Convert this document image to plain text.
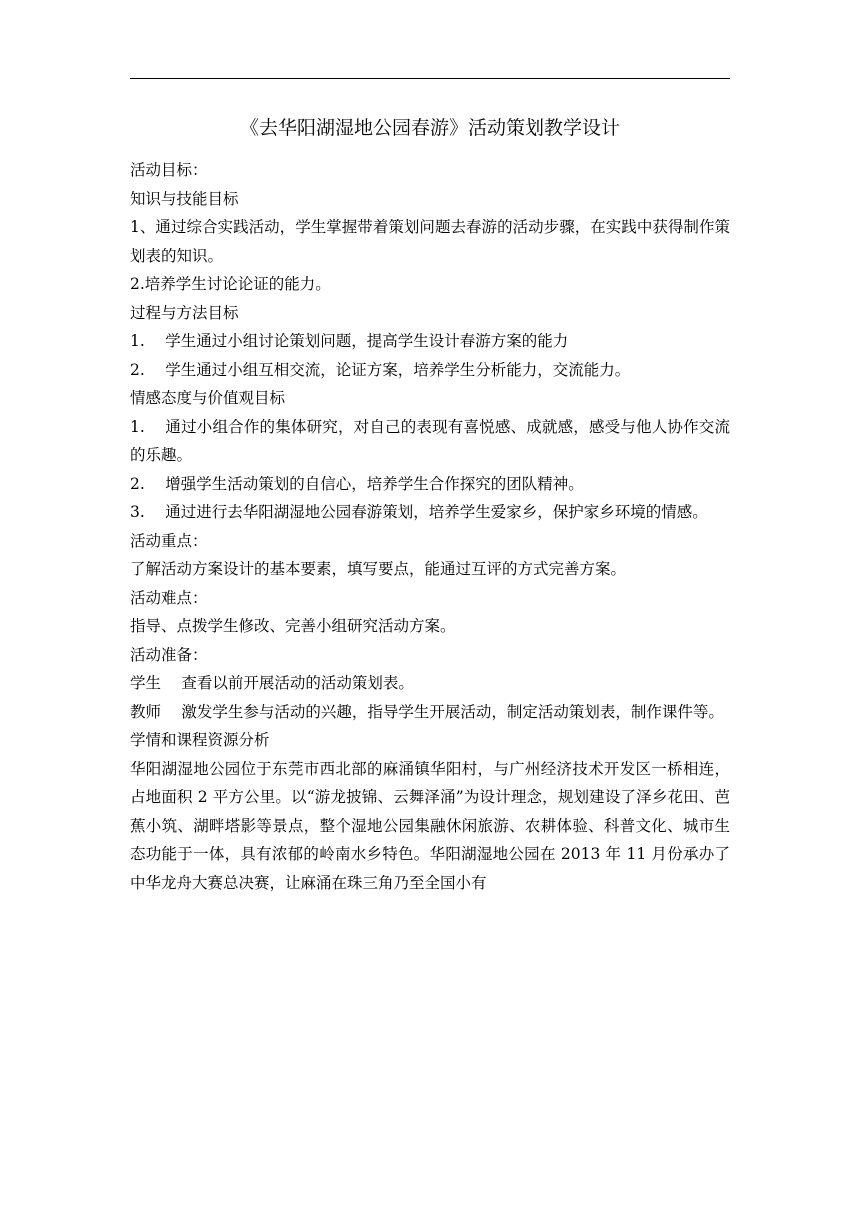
《去华阳湖湿地公园春游》活动策划教学设计

活动目标：

知识与技能目标

1、通过综合实践活动，学生掌握带着策划问题去春游的活动步骤，在实践中获得制作策划表的知识。

2.培养学生讨论论证的能力。

过程与方法目标

1.  学生通过小组讨论策划问题，提高学生设计春游方案的能力

2.  学生通过小组互相交流，论证方案，培养学生分析能力，交流能力。

情感态度与价值观目标

1.  通过小组合作的集体研究，对自己的表现有喜悦感、成就感，感受与他人协作交流的乐趣。

2.  增强学生活动策划的自信心，培养学生合作探究的团队精神。

3.  通过进行去华阳湖湿地公园春游策划，培养学生爱家乡，保护家乡环境的情感。

活动重点：

了解活动方案设计的基本要素，填写要点，能通过互评的方式完善方案。

活动难点：

指导、点拨学生修改、完善小组研究活动方案。

活动准备：

学生  查看以前开展活动的活动策划表。

教师  激发学生参与活动的兴趣，指导学生开展活动，制定活动策划表，制作课件等。

学情和课程资源分析

华阳湖湿地公园位于东莞市西北部的麻涌镇华阳村，与广州经济技术开发区一桥相连，占地面积 2 平方公里。以“游龙披锦、云舞泽涌”为设计理念，规划建设了泽乡花田、芭蕉小筑、湖畔塔影等景点，整个湿地公园集融休闲旅游、农耕体验、科普文化、城市生态功能于一体，具有浓郁的岭南水乡特色。华阳湖湿地公园在 2013 年 11 月份承办了中华龙舟大赛总决赛，让麻涌在珠三角乃至全国小有
